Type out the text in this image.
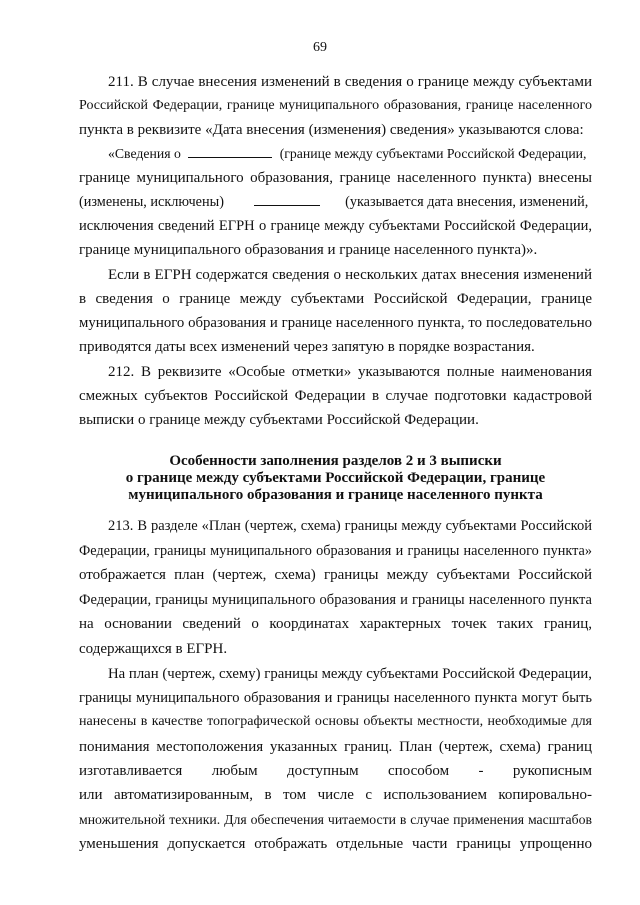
69
211. В случае внесения изменений в сведения о границе между субъектами
Российской Федерации, границе муниципального образования, границе населенного
пункта в реквизите «Дата внесения (изменения) сведения» указываются слова:
«Сведения о	(границе между субъектами Российской Федерации,
границе муниципального образования, границе населенного пункта) внесены
(изменены, исключены)	(указывается дата внесения, изменений,
исключения сведений ЕГРН о границе между субъектами Российской Федерации,
границе муниципального образования и границе населенного пункта)».
Если в ЕГРН содержатся сведения о нескольких датах внесения изменений
в сведения о границе между субъектами Российской Федерации, границе
муниципального образования и границе населенного пункта, то последовательно
приводятся даты всех изменений через запятую в порядке возрастания.
212. В реквизите «Особые отметки» указываются полные наименования
смежных субъектов Российской Федерации в случае подготовки кадастровой
выписки о границе между субъектами Российской Федерации.
Особенности заполнения разделов 2 и 3 выписки
о границе между субъектами Российской Федерации, границе
муниципального образования и границе населенного пункта
213. В разделе «План (чертеж, схема) границы между субъектами Российской
Федерации, границы муниципального образования и границы населенного пункта»
отображается план (чертеж, схема) границы между субъектами Российской
Федерации, границы муниципального образования и границы населенного пункта
на основании сведений о координатах характерных точек таких границ,
содержащихся в ЕГРН.
На план (чертеж, схему) границы между субъектами Российской Федерации,
границы муниципального образования и границы населенного пункта могут быть
нанесены в качестве топографической основы объекты местности, необходимые для
понимания местоположения указанных границ. План (чертеж, схема) границ
изготавливается любым доступным способом - рукописным
или автоматизированным, в том числе с использованием копировально-
множительной техники. Для обеспечения читаемости в случае применения масштабов
уменьшения допускается отображать отдельные части границы упрощенно
